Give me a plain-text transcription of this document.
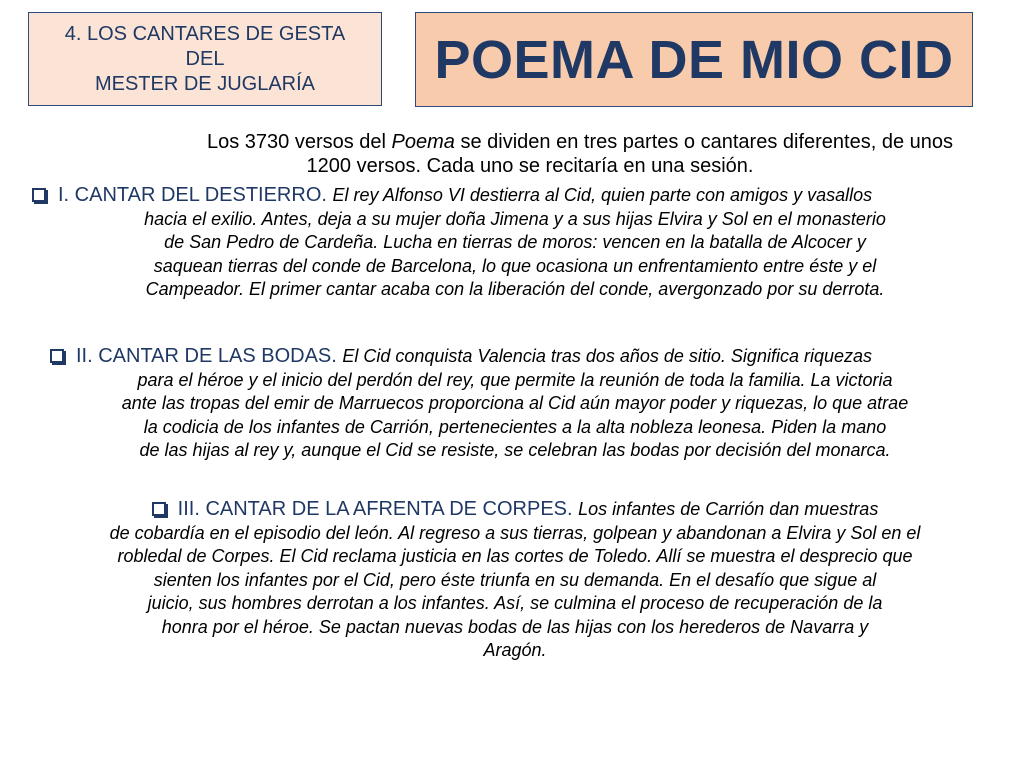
4. LOS CANTARES DE GESTA
DEL
MESTER DE JUGLARÍA POEMA DE MIO CID
Los 3730 versos del Poema se dividen en tres partes o cantares diferentes, de unos
1200 versos. Cada uno se recitaría en una sesión.
I. CANTAR DEL DESTIERRO. El rey Alfonso VI destierra al Cid, quien parte con amigos y vasallos
hacia el exilio. Antes, deja a su mujer doña Jimena y a sus hijas Elvira y Sol en el monasterio
de San Pedro de Cardeña. Lucha en tierras de moros: vencen en la batalla de Alcocer y
saquean tierras del conde de Barcelona, lo que ocasiona un enfrentamiento entre éste y el
Campeador. El primer cantar acaba con la liberación del conde, avergonzado por su derrota.
II. CANTAR DE LAS BODAS. El Cid conquista Valencia tras dos años de sitio. Significa riquezas
para el héroe y el inicio del perdón del rey, que permite la reunión de toda la familia. La victoria
ante las tropas del emir de Marruecos proporciona al Cid aún mayor poder y riquezas, lo que atrae
la codicia de los infantes de Carrión, pertenecientes a la alta nobleza leonesa. Piden la mano
de las hijas al rey y, aunque el Cid se resiste, se celebran las bodas por decisión del monarca.
III. CANTAR DE LA AFRENTA DE CORPES. Los infantes de Carrión dan muestras
de cobardía en el episodio del león. Al regreso a sus tierras, golpean y abandonan a Elvira y Sol en el
robledal de Corpes. El Cid reclama justicia en las cortes de Toledo. Allí se muestra el desprecio que
sienten los infantes por el Cid, pero éste triunfa en su demanda. En el desafío que sigue al
juicio, sus hombres derrotan a los infantes. Así, se culmina el proceso de recuperación de la
honra por el héroe. Se pactan nuevas bodas de las hijas con los herederos de Navarra y
Aragón.
